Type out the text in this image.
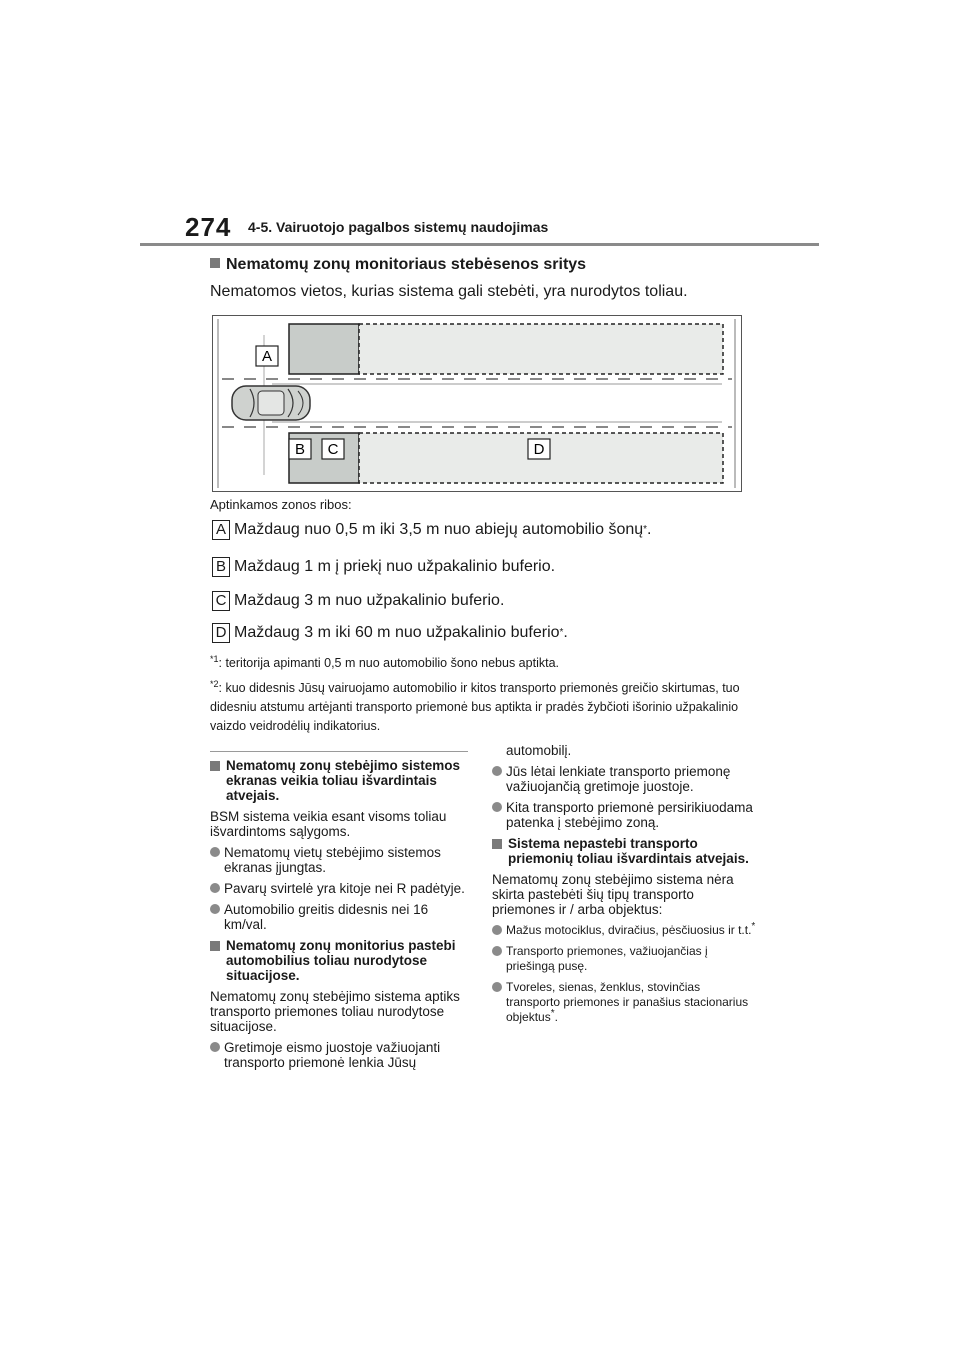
274 4-5. Vairuotojo pagalbos sistemų naudojimas
Nematomų zonų monitoriaus stebėsenos sritys
Nematomos vietos, kurias sistema gali stebėti, yra nurodytos toliau.
A
B C	D
Aptinkamos zonos ribos:
A Maždaug nuo 0,5 m iki 3,5 m nuo abiejų automobilio šonų * .
B Maždaug 1 m į priekį nuo užpakalinio buferio.
C Maždaug 3 m nuo užpakalinio buferio.
D Maždaug 3 m iki 60 m nuo užpakalinio buferio * .
$^{*1}$: teritorija apimanti 0,5 m nuo automobilio šono nebus aptikta.
$^{*2}$: kuo didesnis Jūsų vairuojamo automobilio ir kitos transporto priemonės greičio skirtumas, tuo didesniu atstumu artėjanti transporto priemonė bus aptikta ir pradės žybčioti išorinio užpakalinio vaizdo veidrodėlių indikatorius.
Nematomų zonų stebėjimo sistemos ekranas veikia toliau išvardintais atvejais.

BSM sistema veikia esant visoms toliau išvardintoms sąlygoms.

Nematomų vietų stebėjimo sistemos ekranas įjungtas.
Pavarų svirtelė yra kitoje nei R padėtyje.
Automobilio greitis didesnis nei 16 km/val.
Nematomų zonų monitorius pastebi automobilius toliau nurodytose situacijose.

Nematomų zonų stebėjimo sistema aptiks transporto priemones toliau nurodytose situacijose.

Gretimoje eismo juostoje važiuojanti transporto priemonė lenkia Jūsų

automobilį.

Jūs lėtai lenkiate transporto priemonę važiuojančią gretimoje juostoje.
Kita transporto priemonė persirikiuodama patenka į stebėjimo zoną.
Sistema nepastebi transporto priemonių toliau išvardintais atvejais.

Nematomų zonų stebėjimo sistema nėra skirta pastebėti šių tipų transporto priemones ir / arba objektus:

Mažus motociklus, dviračius, pėsčiuosius ir t.t.*
Transporto priemones, važiuojančias į priešingą pusę.
Tvoreles, sienas, ženklus, stovinčias transporto priemones ir panašius stacionarius objektus*.
